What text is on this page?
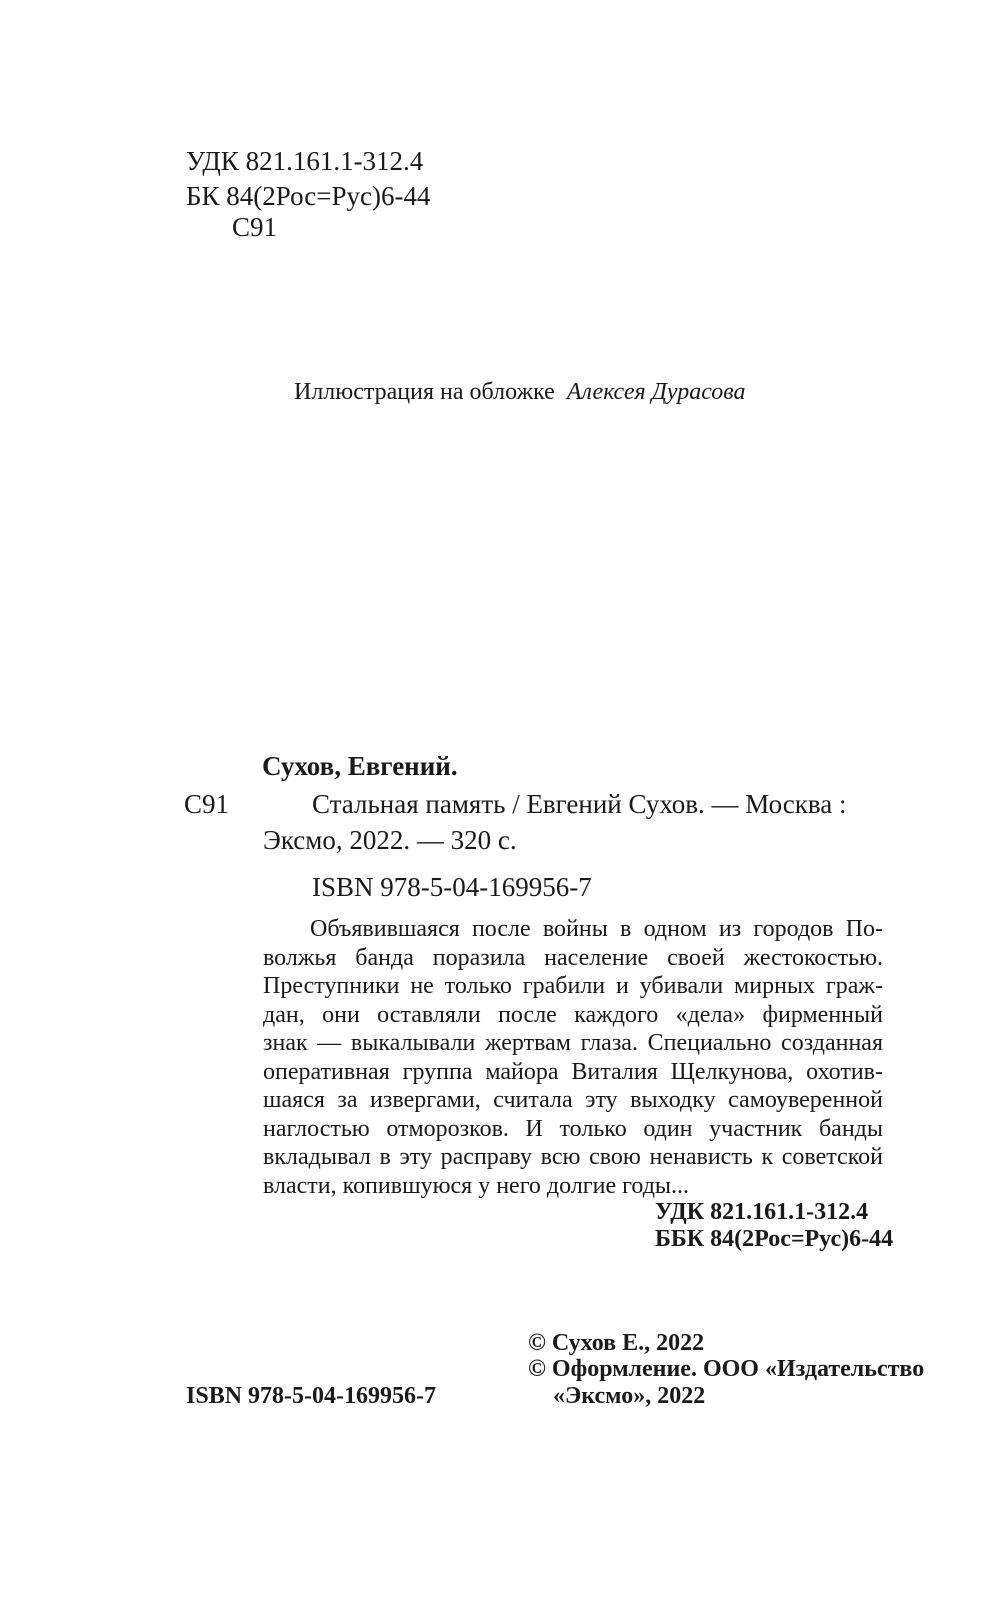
УДК 821.161.1-312.4
БК 84(2Рос=Рус)6-44
С91
Иллюстрация на обложке Алексея Дурасова
Сухов, Евгений.
С91	Стальная память / Евгений Сухов. — Москва :
Эксмо, 2022. — 320 с.
ISBN 978-5-04-169956-7
Объявившаяся после войны в одном из городов По-
волжья банда поразила население своей жестокостью.
Преступники не только грабили и убивали мирных граж-
дан, они оставляли после каждого «дела» фирменный
знак — выкалывали жертвам глаза. Специально созданная
оперативная группа майора Виталия Щелкунова, охотив-
шаяся за извергами, считала эту выходку самоуверенной
наглостью отморозков. И только один участник банды
вкладывал в эту расправу всю свою ненависть к советской
власти, копившуюся у него долгие годы...
УДК 821.161.1-312.4
ББК 84(2Рос=Рус)6-44
© Сухов Е., 2022
© Оформление. ООО «Издательство
«Эксмо», 2022
ISBN 978-5-04-169956-7
